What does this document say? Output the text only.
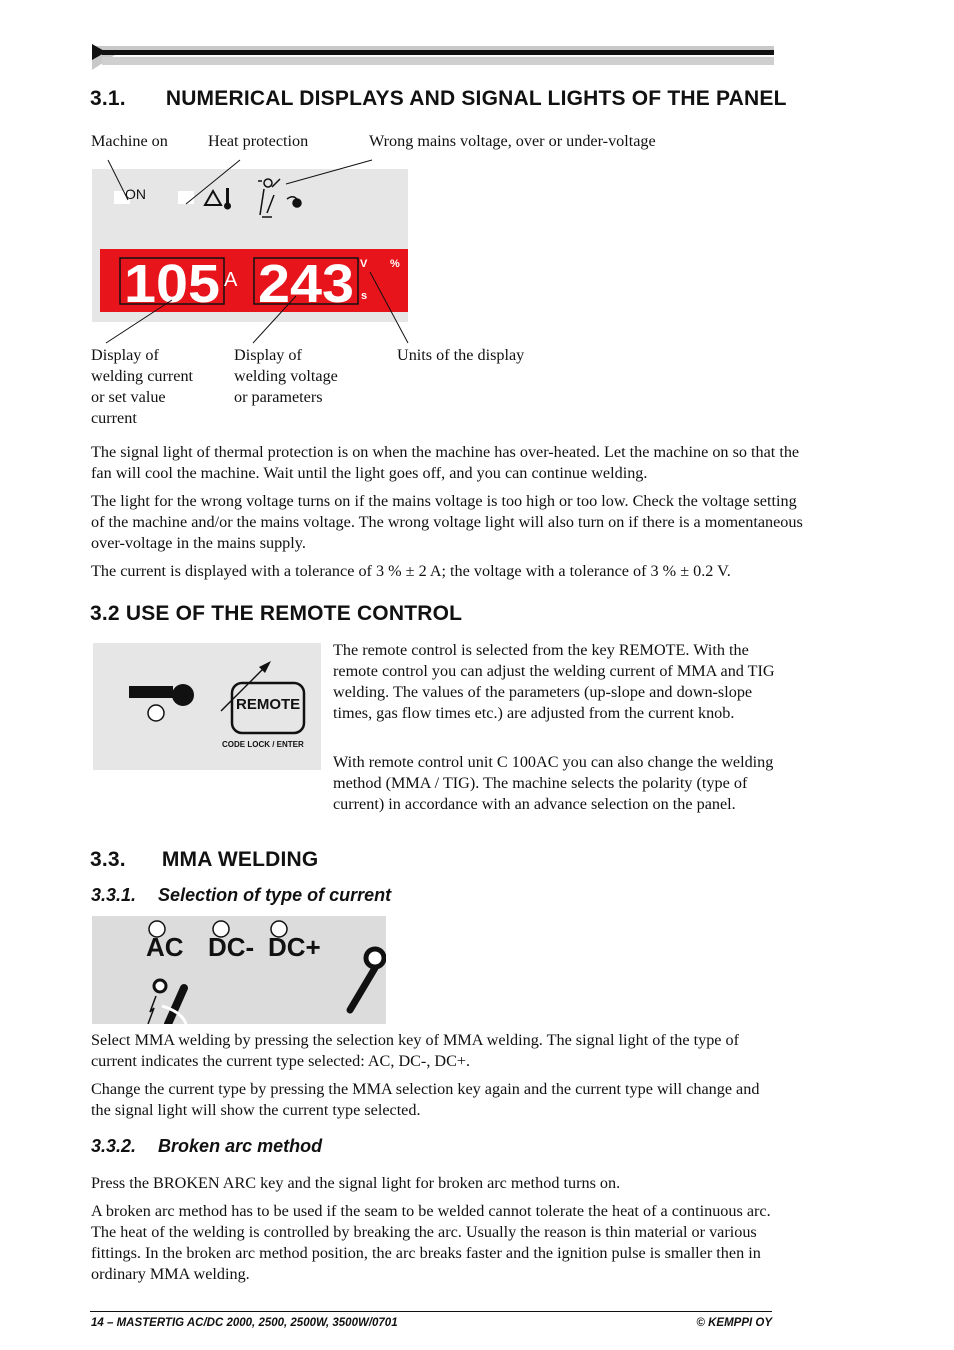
3.1. NUMERICAL DISPLAYS AND SIGNAL LIGHTS OF THE PANEL
Machine on Heat protection	Wrong mains voltage, over or under-voltage
ON
105 A 243 V %
s
Display of
welding current
or set value
current
Display of
welding voltage
or parameters
Units of the display
The signal light of thermal protection is on when the machine has over-heated. Let the machine on so that the fan will cool the machine. Wait until the light goes off, and you can continue welding.
The light for the wrong voltage turns on if the mains voltage is too high or too low. Check the voltage setting of the machine and/or the mains voltage. The wrong voltage light will also turn on if there is a momentaneous over-voltage in the mains supply.
The current is displayed with a tolerance of 3 % ± 2 A; the voltage with a tolerance of 3 % ± 0.2 V.
3.2 USE OF THE REMOTE CONTROL
REMOTE
CODE LOCK / ENTER
The remote control is selected from the key REMOTE. With the remote control you can adjust the welding current of MMA and TIG welding. The values of the parameters (up-slope and down-slope times, gas flow times etc.) are adjusted from the current knob.
With remote control unit C 100AC you can also change the welding method (MMA / TIG). The machine selects the polarity (type of current) in accordance with an advance selection on the panel.
3.3. MMA WELDING
3.3.1. Selection of type of current
AC DC- DC+
Select MMA welding by pressing the selection key of MMA welding. The signal light of the type of current indicates the current type selected: AC, DC-, DC+.
Change the current type by pressing the MMA selection key again and the current type will change and the signal light will show the current type selected.
3.3.2. Broken arc method
Press the BROKEN ARC key and the signal light for broken arc method turns on.
A broken arc method has to be used if the seam to be welded cannot tolerate the heat of a continuous arc. The heat of the welding is controlled by breaking the arc. Usually the reason is thin material or various fittings. In the broken arc method position, the arc breaks faster and the ignition pulse is smaller then in ordinary MMA welding.
14 – MASTERTIG AC/DC 2000, 2500, 2500W, 3500W/0701	© KEMPPI OY
